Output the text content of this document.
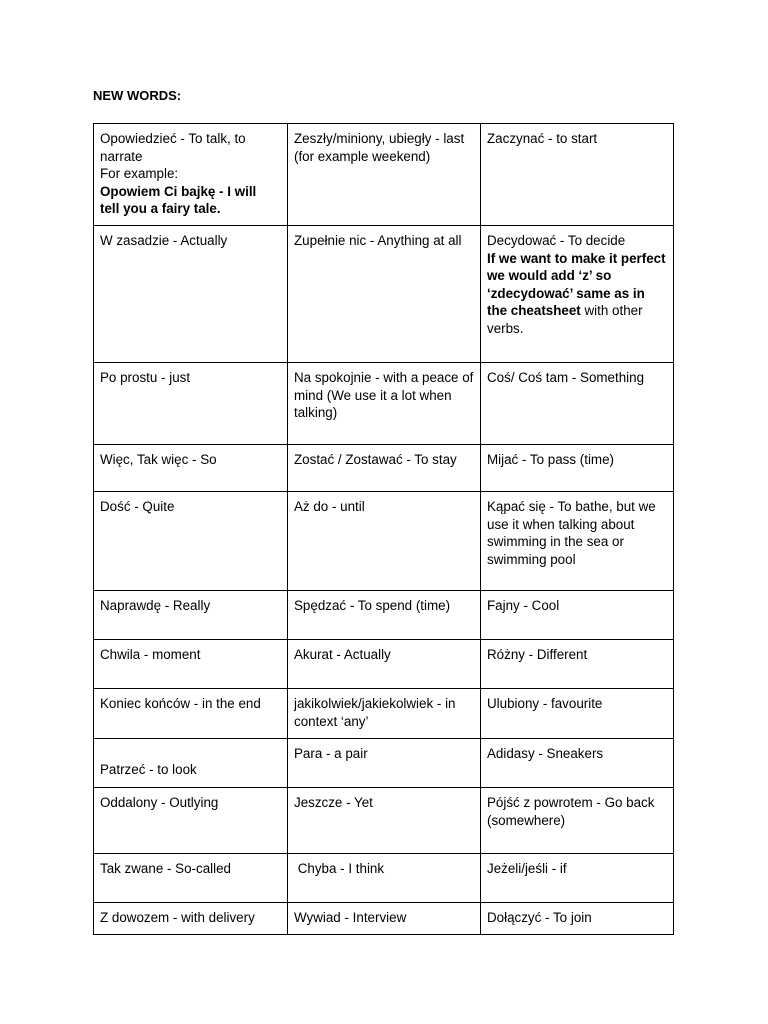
NEW WORDS:
Opowiedzieć - To talk, to
narrate
For example:
Opowiem Ci bajkę - I will
tell you a fairy tale.	Zeszły/miniony, ubiegły - last (for example weekend)	Zaczynać - to start
W zasadzie - Actually	Zupełnie nic - Anything at all	Decydować - To decide
If we want to make it perfect we would add ‘z’ so ‘zdecydować’ same as in the cheatsheet with other verbs.
Po prostu - just	Na spokojnie - with a peace of mind (We use it a lot when talking)	Coś/ Coś tam - Something
Więc, Tak więc - So	Zostać / Zostawać - To stay	Mijać - To pass (time)
Dość - Quite	Aż do - until	Kąpać się - To bathe, but we use it when talking about swimming in the sea or swimming pool
Naprawdę - Really	Spędzać - To spend (time)	Fajny - Cool
Chwila - moment	Akurat - Actually	Różny - Different
Koniec końców - in the end	jakikolwiek/jakiekolwiek - in context ‘any’	Ulubiony - favourite

Patrzeć - to look	Para - a pair	Adidasy - Sneakers
Oddalony - Outlying	Jeszcze - Yet	Pójść z powrotem - Go back (somewhere)
Tak zwane - So-called	Chyba - I think	Jeżeli/jeśli - if
Z dowozem - with delivery	Wywiad - Interview	Dołączyć - To join
